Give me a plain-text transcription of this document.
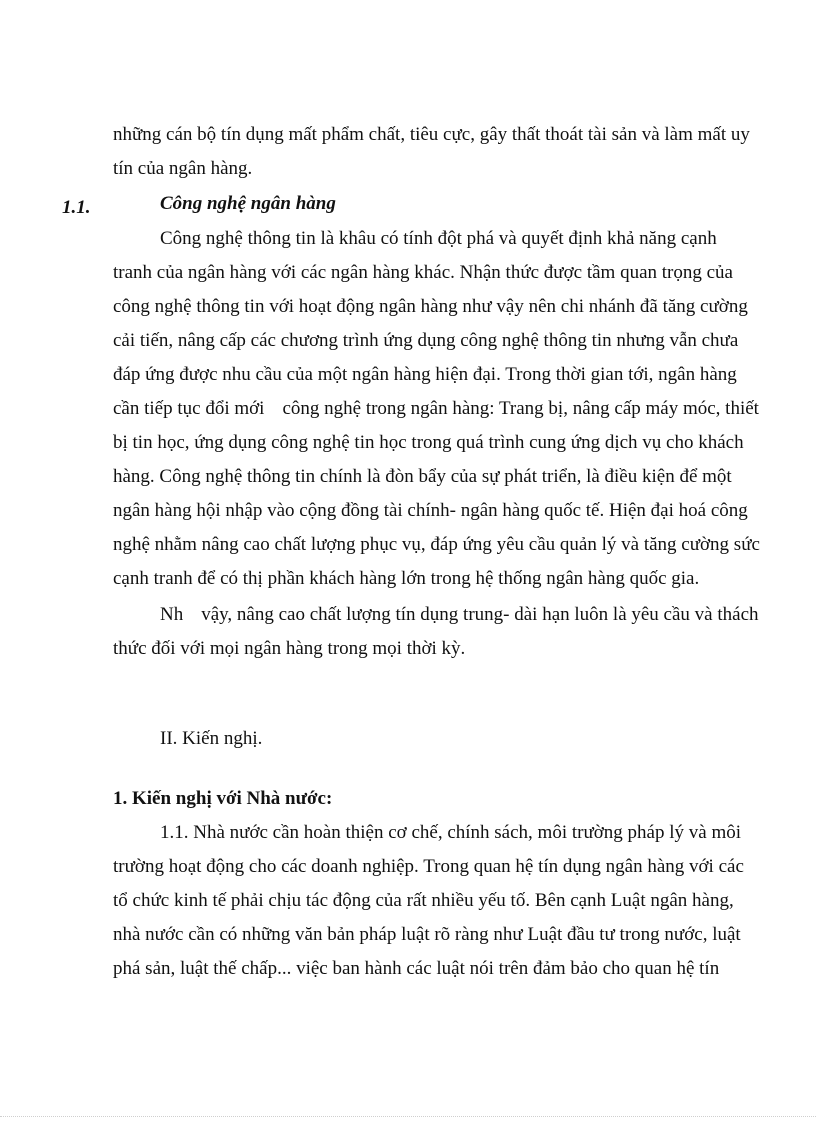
những cán bộ tín dụng mất phẩm chất, tiêu cực, gây thất thoát tài sản và làm mất uy
tín của ngân hàng.
1.1.	Công nghệ ngân hàng
Công nghệ thông tin là khâu có tính đột phá và quyết định khả năng cạnh
tranh của ngân hàng với các ngân hàng khác. Nhận thức được tầm quan trọng của
công nghệ thông tin với hoạt động ngân hàng như vậy nên chi nhánh đã tăng cường
cải tiến, nâng cấp các chương trình ứng dụng công nghệ thông tin nhưng vẫn chưa
đáp ứng được nhu cầu của một ngân hàng hiện đại. Trong thời gian tới, ngân hàng
cần tiếp tục đổi mới công nghệ trong ngân hàng: Trang bị, nâng cấp máy móc, thiết
bị tin học, ứng dụng công nghệ tin học trong quá trình cung ứng dịch vụ cho khách
hàng. Công nghệ thông tin chính là đòn bẩy của sự phát triển, là điều kiện để một
ngân hàng hội nhập vào cộng đồng tài chính- ngân hàng quốc tế. Hiện đại hoá công
nghệ nhằm nâng cao chất lượng phục vụ, đáp ứng yêu cầu quản lý và tăng cường sức
cạnh tranh để có thị phần khách hàng lớn trong hệ thống ngân hàng quốc gia.
Nh vậy, nâng cao chất lượng tín dụng trung- dài hạn luôn là yêu cầu và thách
thức đối với mọi ngân hàng trong mọi thời kỳ.
II. Kiến nghị.
1. Kiến nghị với Nhà nước:
1.1. Nhà nước cần hoàn thiện cơ chế, chính sách, môi trường pháp lý và môi
trường hoạt động cho các doanh nghiệp. Trong quan hệ tín dụng ngân hàng với các
tổ chức kinh tế phải chịu tác động của rất nhiều yếu tố. Bên cạnh Luật ngân hàng,
nhà nước cần có những văn bản pháp luật rõ ràng như Luật đầu tư trong nước, luật
phá sản, luật thế chấp... việc ban hành các luật nói trên đảm bảo cho quan hệ tín
